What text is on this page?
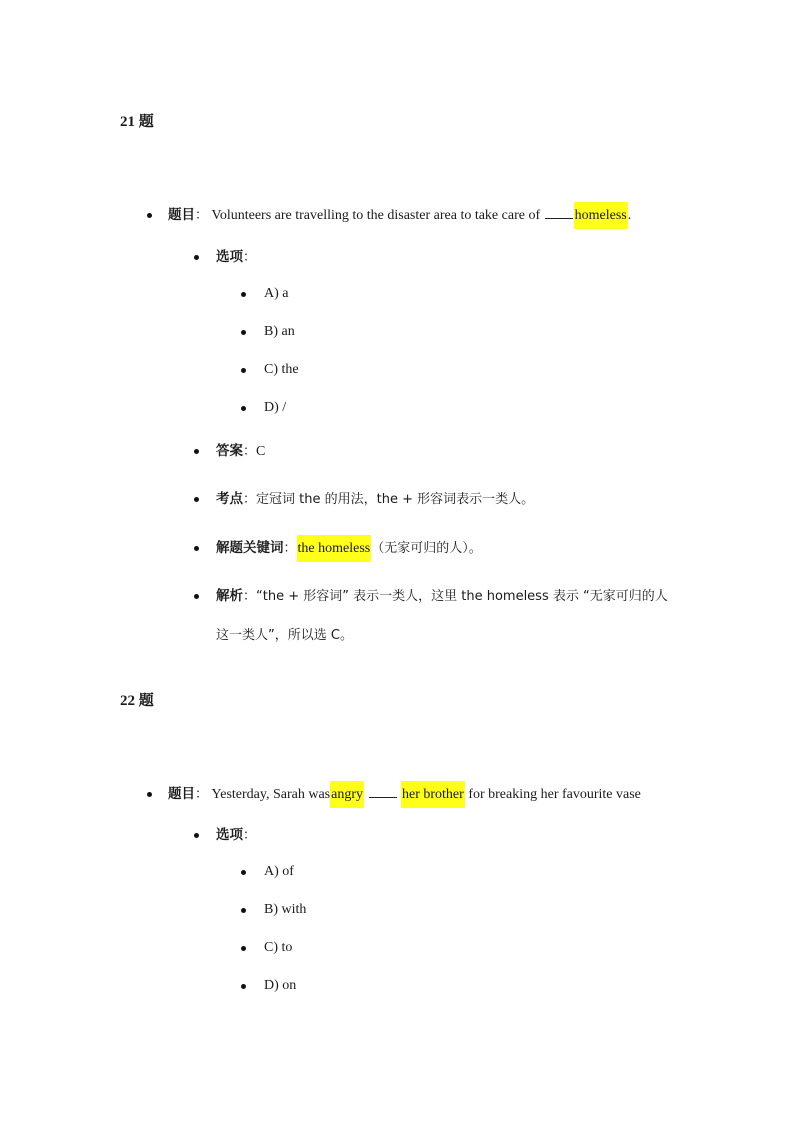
21 题
题目： Volunteers are travelling to the disaster area to take care of homeless.
选项：
A) a
B) an
C) the
D) /
答案：C
考点：定冠词 the 的用法，the + 形容词表示一类人。
解题关键词：the homeless（无家可归的人）。
解析：“the + 形容词” 表示一类人，这里 the homeless 表示 “无家可归的人
这一类人”，所以选 C。
22 题
题目： Yesterday, Sarah wasangry	her brother for breaking her favourite vase
选项：
A) of
B) with
C) to
D) on
